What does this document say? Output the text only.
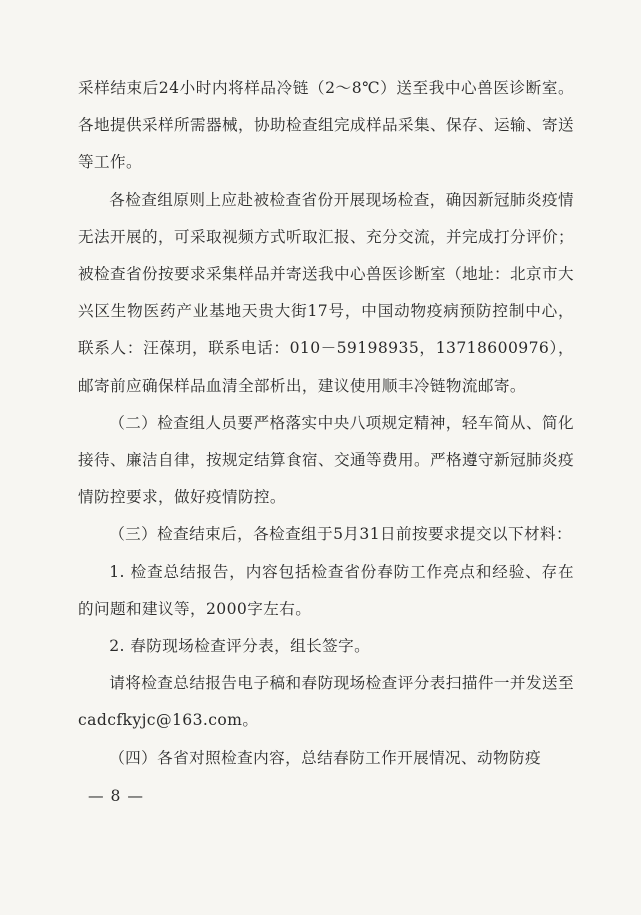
采样结束后24小时内将样品冷链（2～8℃）送至我中心兽医诊断室。各地提供采样所需器械，协助检查组完成样品采集、保存、运输、寄送等工作。

各检查组原则上应赴被检查省份开展现场检查，确因新冠肺炎疫情无法开展的，可采取视频方式听取汇报、充分交流，并完成打分评价；被检查省份按要求采集样品并寄送我中心兽医诊断室（地址：北京市大兴区生物医药产业基地天贵大街17号，中国动物疫病预防控制中心，联系人：汪葆玥，联系电话：010－59198935，13718600976），邮寄前应确保样品血清全部析出，建议使用顺丰冷链物流邮寄。

（二）检查组人员要严格落实中央八项规定精神，轻车简从、简化接待、廉洁自律，按规定结算食宿、交通等费用。严格遵守新冠肺炎疫情防控要求，做好疫情防控。

（三）检查结束后，各检查组于5月31日前按要求提交以下材料：

1. 检查总结报告，内容包括检查省份春防工作亮点和经验、存在的问题和建议等，2000字左右。

2. 春防现场检查评分表，组长签字。

请将检查总结报告电子稿和春防现场检查评分表扫描件一并发送至 cadcfkyjc@163.com。

（四）各省对照检查内容，总结春防工作开展情况、动物防疫

— 8 —
